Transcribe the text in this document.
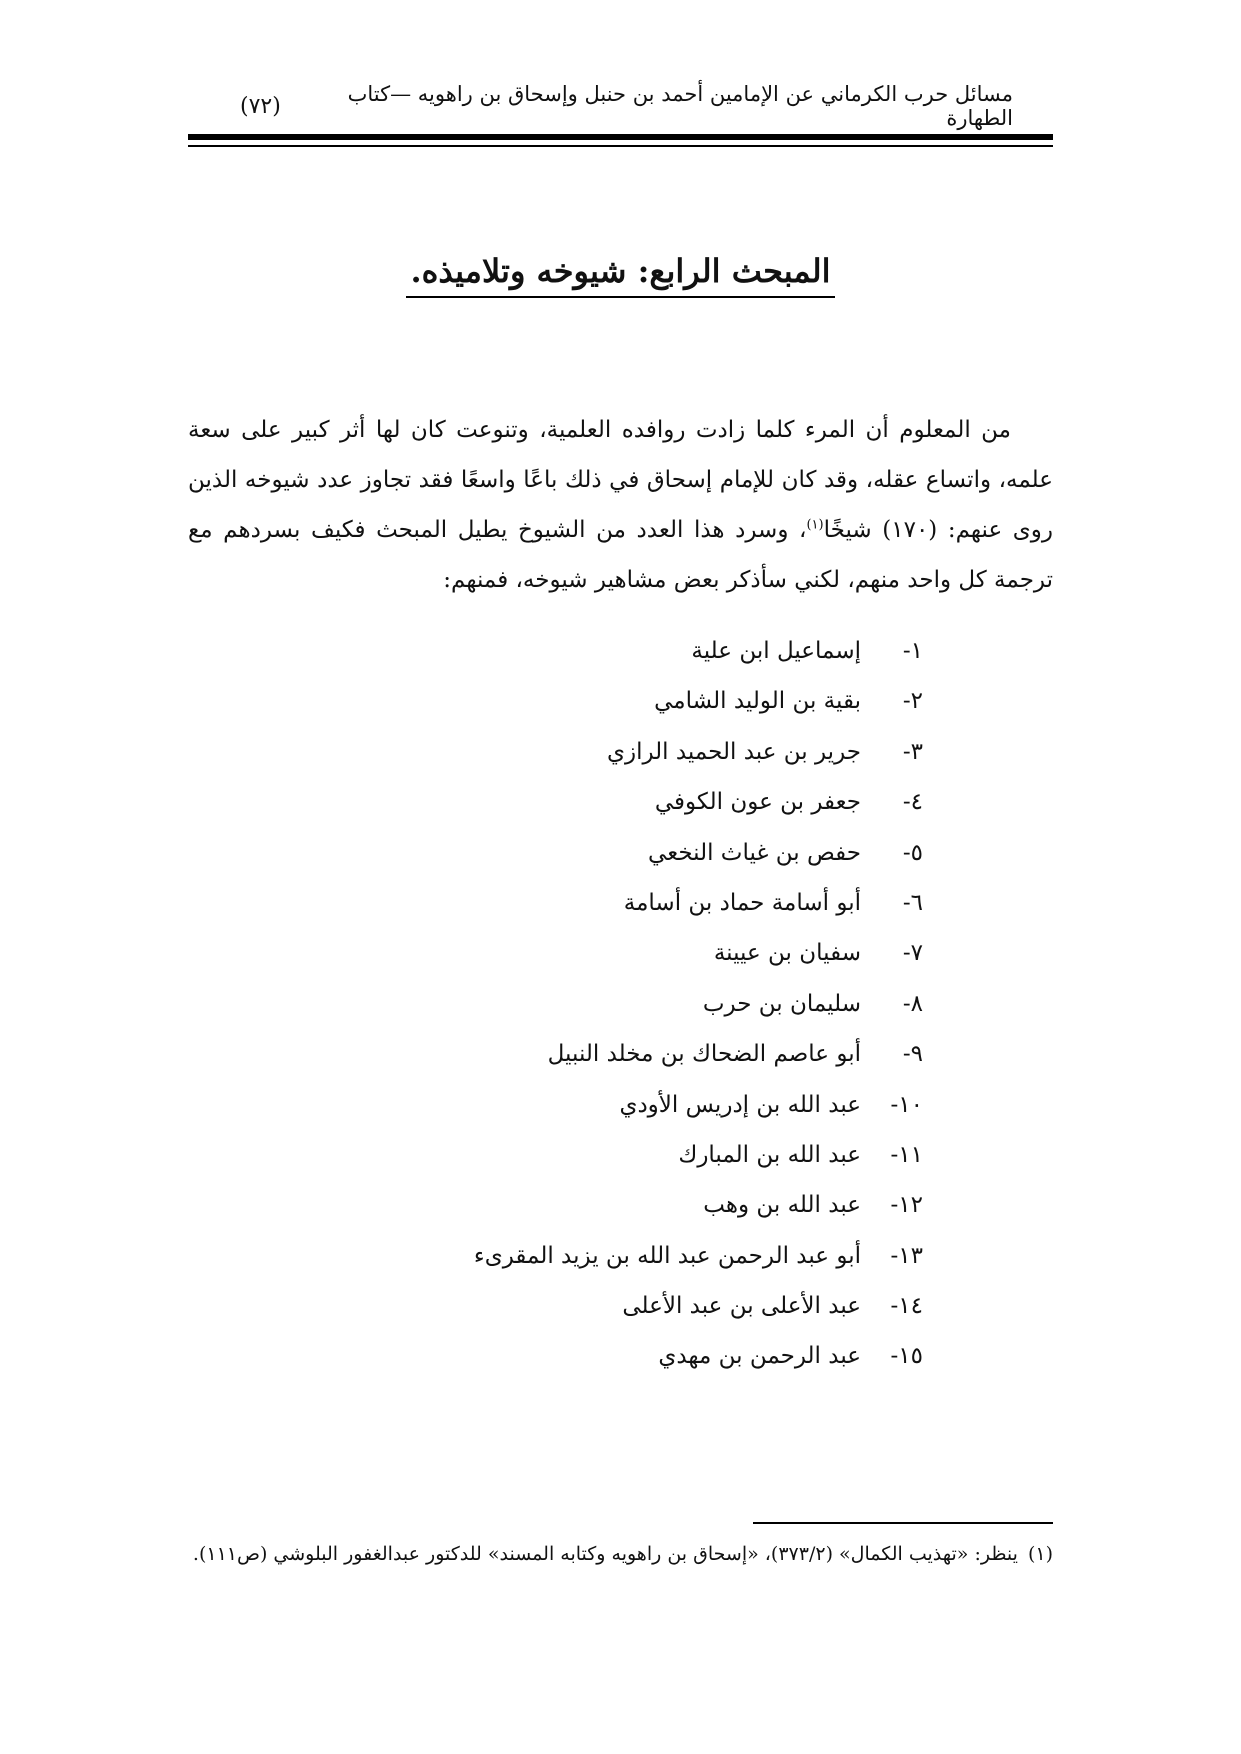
مسائل حرب الكرماني عن الإمامين أحمد بن حنبل وإسحاق بن راهويه —كتاب الطهارة
(٧٢)
المبحث الرابع: شيوخه وتلاميذه.

من المعلوم أن المرء كلما زادت روافده العلمية، وتنوعت كان لها أثر كبير على سعة علمه، واتساع عقله، وقد كان للإمام إسحاق في ذلك باعًا واسعًا فقد تجاوز عدد شيوخه الذين روى عنهم: (١٧٠) شيخًا$^{(١)}$، وسرد هذا العدد من الشيوخ يطيل المبحث فكيف بسردهم مع ترجمة كل واحد منهم، لكني سأذكر بعض مشاهير شيوخه، فمنهم:

١-
إسماعيل ابن علية
٢-
بقية بن الوليد الشامي
٣-
جرير بن عبد الحميد الرازي
٤-
جعفر بن عون الكوفي
٥-
حفص بن غياث النخعي
٦-
أبو أسامة حماد بن أسامة
٧-
سفيان بن عيينة
٨-
سليمان بن حرب
٩-
أبو عاصم الضحاك بن مخلد النبيل
١٠-
عبد الله بن إدريس الأودي
١١-
عبد الله بن المبارك
١٢-
عبد الله بن وهب
١٣-
أبو عبد الرحمن عبد الله بن يزيد المقرىء
١٤-
عبد الأعلى بن عبد الأعلى
١٥-
عبد الرحمن بن مهدي

(١)ينظر: «تهذيب الكمال» (٣٧٣/٢)، «إسحاق بن راهويه وكتابه المسند» للدكتور عبدالغفور البلوشي (ص١١١).
